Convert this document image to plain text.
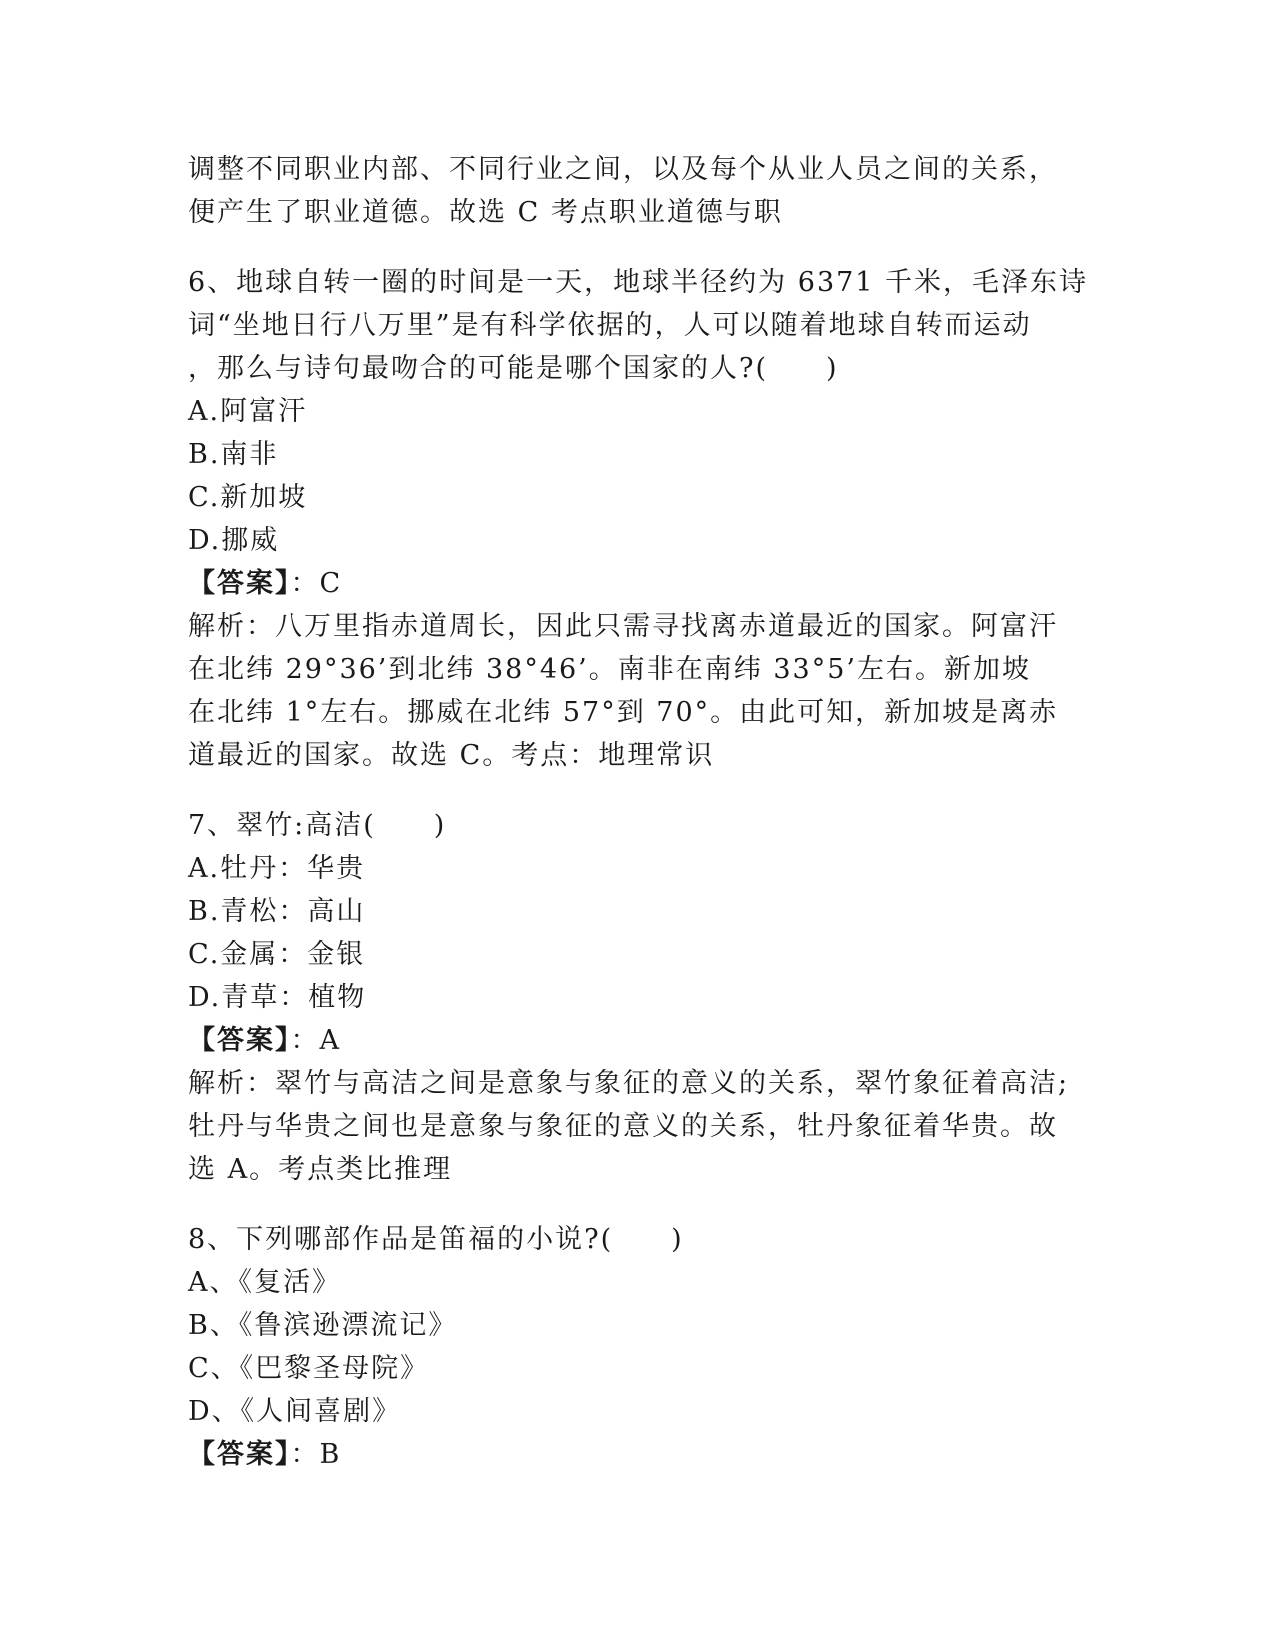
调整不同职业内部、不同行业之间，以及每个从业人员之间的关系，
便产生了职业道德。故选 C 考点职业道德与职
6、地球自转一圈的时间是一天，地球半径约为 6371 千米，毛泽东诗
词“坐地日行八万里”是有科学依据的，人可以随着地球自转而运动
，那么与诗句最吻合的可能是哪个国家的人?(　　)
A.阿富汗
B.南非
C.新加坡
D.挪威
【答案】：C
解析：八万里指赤道周长，因此只需寻找离赤道最近的国家。阿富汗
在北纬 29°36’到北纬 38°46’。南非在南纬 33°5’左右。新加坡
在北纬 1°左右。挪威在北纬 57°到 70°。由此可知，新加坡是离赤
道最近的国家。故选 C。考点：地理常识
7、翠竹:高洁(　　)
A.牡丹：华贵
B.青松：高山
C.金属：金银
D.青草：植物
【答案】：A
解析：翠竹与高洁之间是意象与象征的意义的关系，翠竹象征着高洁;
牡丹与华贵之间也是意象与象征的意义的关系，牡丹象征着华贵。故
选 A。考点类比推理
8、下列哪部作品是笛福的小说?(　　)
A、《复活》
B、《鲁滨逊漂流记》
C、《巴黎圣母院》
D、《人间喜剧》
【答案】：B
